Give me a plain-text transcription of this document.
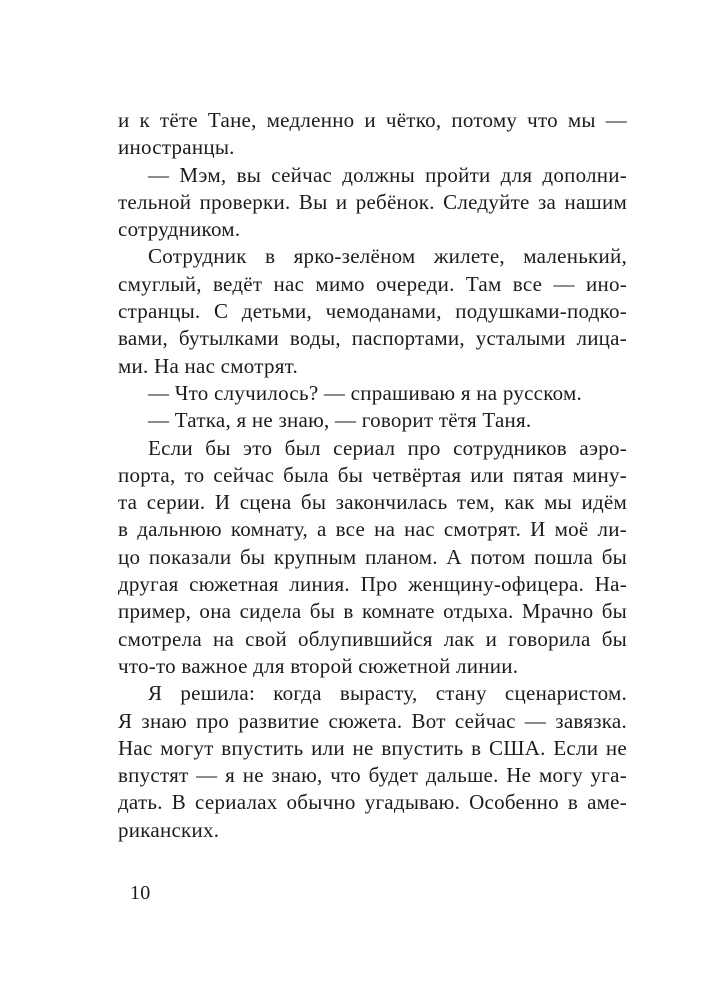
и к тёте Тане, медленно и чётко, потому что мы —
иностранцы.
— Мэм, вы сейчас должны пройти для дополни-
тельной проверки. Вы и ребёнок. Следуйте за нашим
сотрудником.
Сотрудник в ярко-зелёном жилете, маленький,
смуглый, ведёт нас мимо очереди. Там все — ино-
странцы. С детьми, чемоданами, подушками-подко-
вами, бутылками воды, паспортами, усталыми лица-
ми. На нас смотрят.
— Что случилось? — спрашиваю я на русском.
— Татка, я не знаю, — говорит тётя Таня.
Если бы это был сериал про сотрудников аэро-
порта, то сейчас была бы четвёртая или пятая мину-
та серии. И сцена бы закончилась тем, как мы идём
в дальнюю комнату, а все на нас смотрят. И моё ли-
цо показали бы крупным планом. А потом пошла бы
другая сюжетная линия. Про женщину-офицера. На-
пример, она сидела бы в комнате отдыха. Мрачно бы
смотрела на свой облупившийся лак и говорила бы
что-то важное для второй сюжетной линии.
Я решила: когда вырасту, стану сценаристом.
Я знаю про развитие сюжета. Вот сейчас — завязка.
Нас могут впустить или не впустить в США. Если не
впустят — я не знаю, что будет дальше. Не могу уга-
дать. В сериалах обычно угадываю. Особенно в аме-
риканских.
10
